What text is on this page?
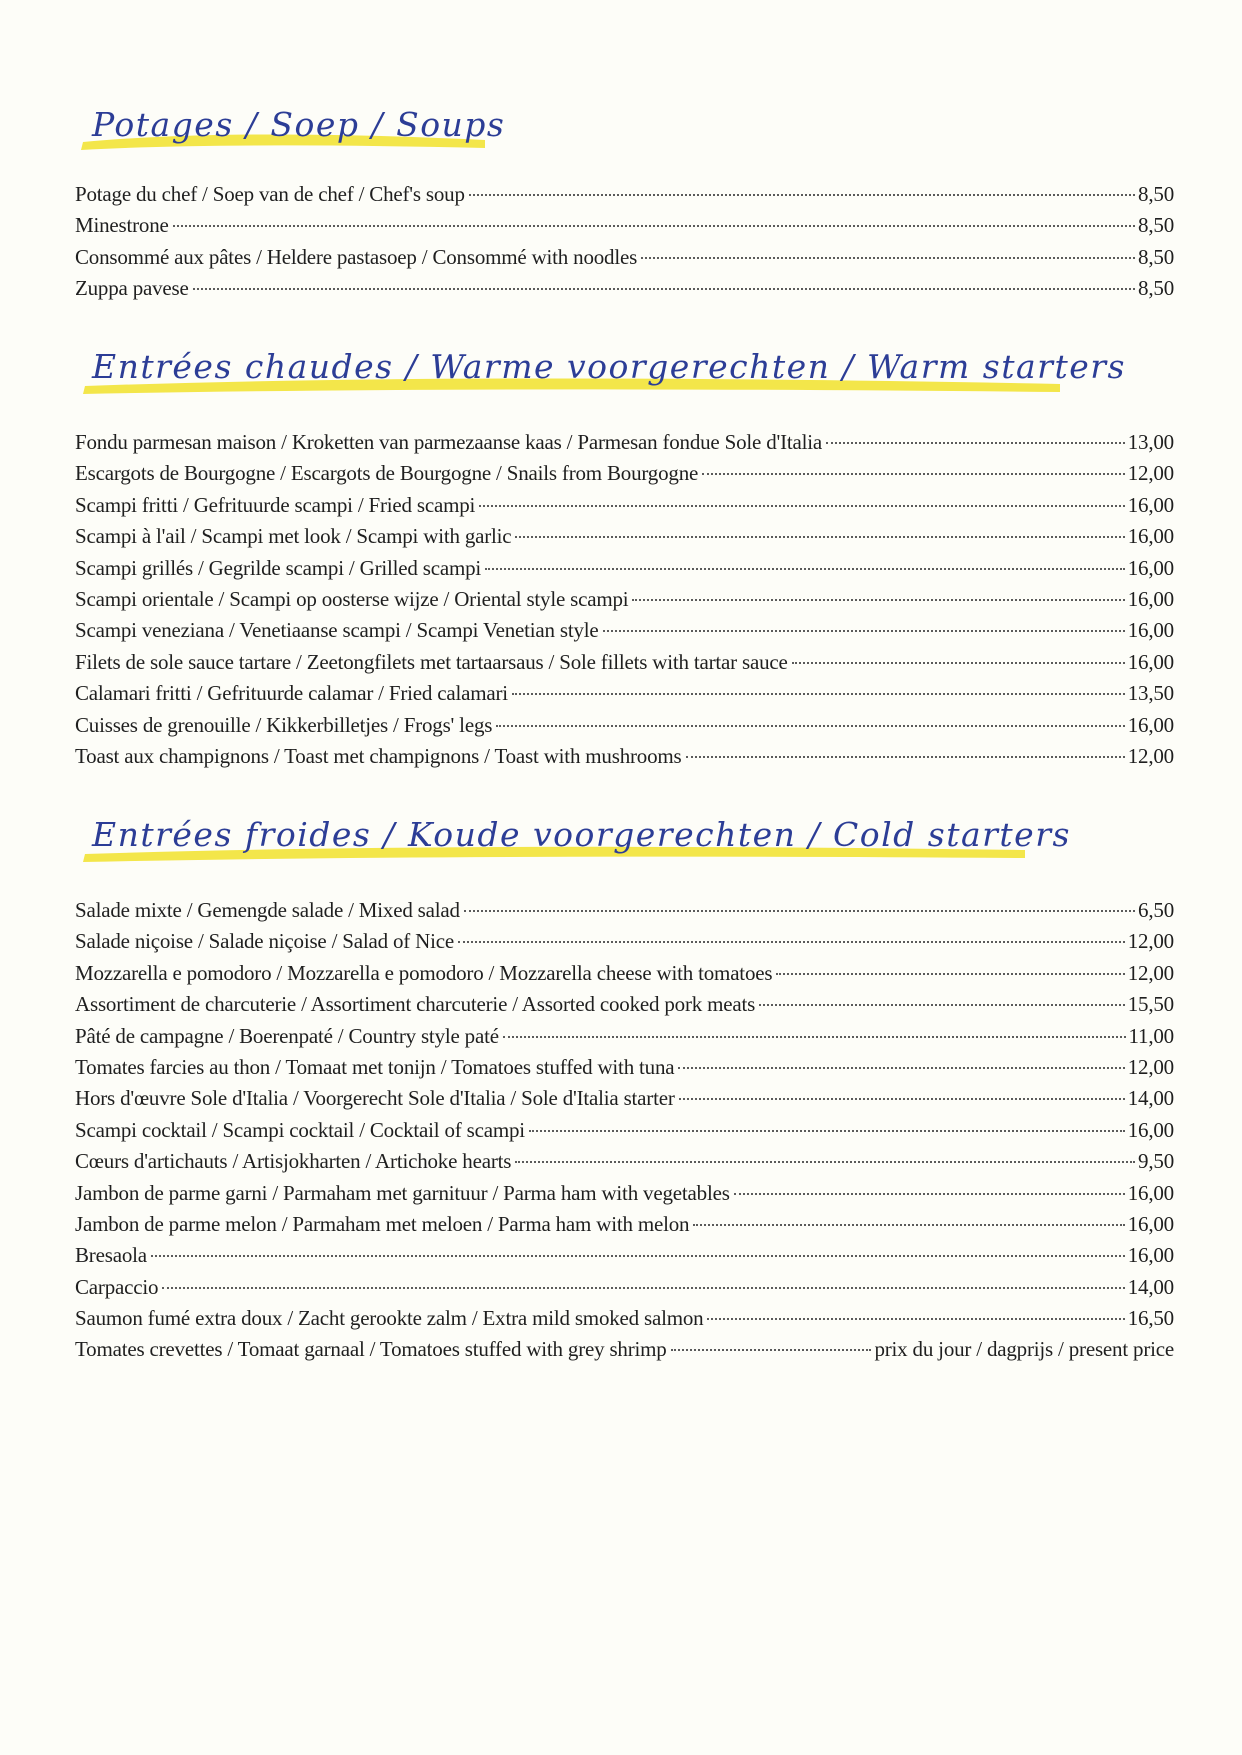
Potages / Soep / Soups
Potage du chef / Soep van de chef / Chef's soup	8,50
Minestrone	8,50
Consommé aux pâtes / Heldere pastasoep / Consommé with noodles	8,50
Zuppa pavese	8,50
Entrées chaudes / Warme voorgerechten / Warm starters
Fondu parmesan maison / Kroketten van parmezaanse kaas / Parmesan fondue Sole d'Italia	13,00
Escargots de Bourgogne / Escargots de Bourgogne / Snails from Bourgogne	12,00
Scampi fritti / Gefrituurde scampi / Fried scampi	16,00
Scampi à l'ail / Scampi met look / Scampi with garlic	16,00
Scampi grillés / Gegrilde scampi / Grilled scampi	16,00
Scampi orientale / Scampi op oosterse wijze / Oriental style scampi	16,00
Scampi veneziana / Venetiaanse scampi / Scampi Venetian style	16,00
Filets de sole sauce tartare / Zeetongfilets met tartaarsaus / Sole fillets with tartar sauce	16,00
Calamari fritti / Gefrituurde calamar / Fried calamari	13,50
Cuisses de grenouille / Kikkerbilletjes / Frogs' legs	16,00
Toast aux champignons / Toast met champignons / Toast with mushrooms	12,00
Entrées froides / Koude voorgerechten / Cold starters
Salade mixte / Gemengde salade / Mixed salad	6,50
Salade niçoise / Salade niçoise / Salad of Nice	12,00
Mozzarella e pomodoro / Mozzarella e pomodoro / Mozzarella cheese with tomatoes	12,00
Assortiment de charcuterie / Assortiment charcuterie / Assorted cooked pork meats	15,50
Pâté de campagne / Boerenpaté / Country style paté	11,00
Tomates farcies au thon / Tomaat met tonijn / Tomatoes stuffed with tuna	12,00
Hors d'œuvre Sole d'Italia / Voorgerecht Sole d'Italia / Sole d'Italia starter	14,00
Scampi cocktail / Scampi cocktail / Cocktail of scampi	16,00
Cœurs d'artichauts / Artisjokharten / Artichoke hearts	9,50
Jambon de parme garni / Parmaham met garnituur / Parma ham with vegetables	16,00
Jambon de parme melon / Parmaham met meloen / Parma ham with melon	16,00
Bresaola	16,00
Carpaccio	14,00
Saumon fumé extra doux / Zacht gerookte zalm / Extra mild smoked salmon	16,50
Tomates crevettes / Tomaat garnaal / Tomatoes stuffed with grey shrimp	prix du jour / dagprijs / present price
